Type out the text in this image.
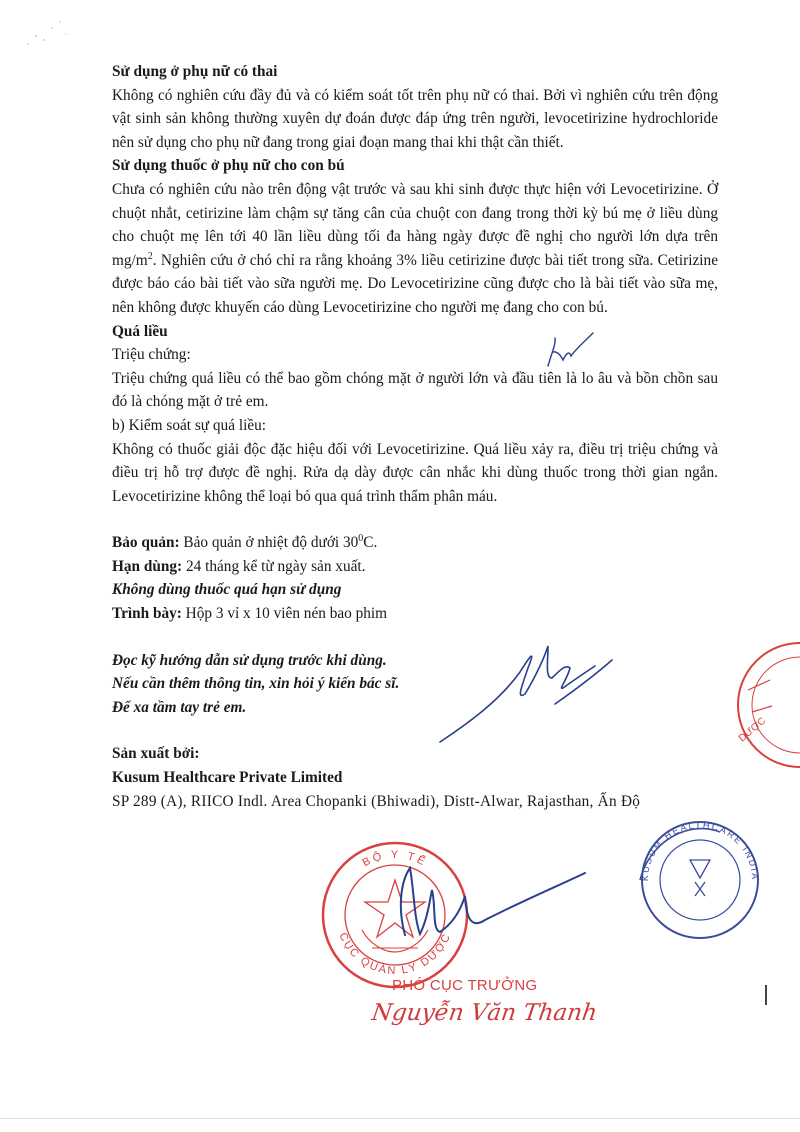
Sử dụng ở phụ nữ có thai

Không có nghiên cứu đầy đủ và có kiểm soát tốt trên phụ nữ có thai. Bởi vì nghiên cứu trên động vật sinh sản không thường xuyên dự đoán được đáp ứng trên người, levocetirizine hydrochloride nên sử dụng cho phụ nữ đang trong giai đoạn mang thai khi thật cần thiết.

Sử dụng thuốc ở phụ nữ cho con bú

Chưa có nghiên cứu nào trên động vật trước và sau khi sinh được thực hiện với Levocetirizine. Ở chuột nhắt, cetirizine làm chậm sự tăng cân của chuột con đang trong thời kỳ bú mẹ ở liều dùng cho chuột mẹ lên tới 40 lần liều dùng tối đa hàng ngày được đề nghị cho người lớn dựa trên $mg/m^2$. Nghiên cứu ở chó chỉ ra rằng khoảng 3% liều cetirizine được bài tiết trong sữa. Cetirizine được báo cáo bài tiết vào sữa người mẹ. Do Levocetirizine cũng được cho là bài tiết vào sữa mẹ, nên không được khuyến cáo dùng Levocetirizine cho người mẹ đang cho con bú.

Quá liều

Triệu chứng:

Triệu chứng quá liều có thể bao gồm chóng mặt ở người lớn và đầu tiên là lo âu và bồn chồn sau đó là chóng mặt ở trẻ em.

b) Kiểm soát sự quá liều:

Không có thuốc giải độc đặc hiệu đối với Levocetirizine. Quá liều xảy ra, điều trị triệu chứng và điều trị hỗ trợ được đề nghị. Rửa dạ dày được cân nhắc khi dùng thuốc trong thời gian ngắn. Levocetirizine không thể loại bỏ qua quá trình thẩm phân máu.

Bảo quản: Bảo quản ở nhiệt độ dưới $30^0C$.

Hạn dùng: 24 tháng kể từ ngày sản xuất.

Không dùng thuốc quá hạn sử dụng

Trình bày: Hộp 3 vỉ x 10 viên nén bao phim

Đọc kỹ hướng dẫn sử dụng trước khi dùng.

Nếu cần thêm thông tin, xin hỏi ý kiến bác sĩ.

Để xa tầm tay trẻ em.

Sản xuất bởi:

Kusum Healthcare Private Limited

SP 289 (A), RIICO Indl. Area Chopanki (Bhiwadi), Distt-Alwar, Rajasthan, Ấn Độ

DƯỢC
BỘ Y TẾ
CỤC QUẢN LÝ DƯỢC
KUSUM HEALTHCARE INDIA
PHÓ CỤC TRƯỞNG
Nguyễn Văn Thanh
